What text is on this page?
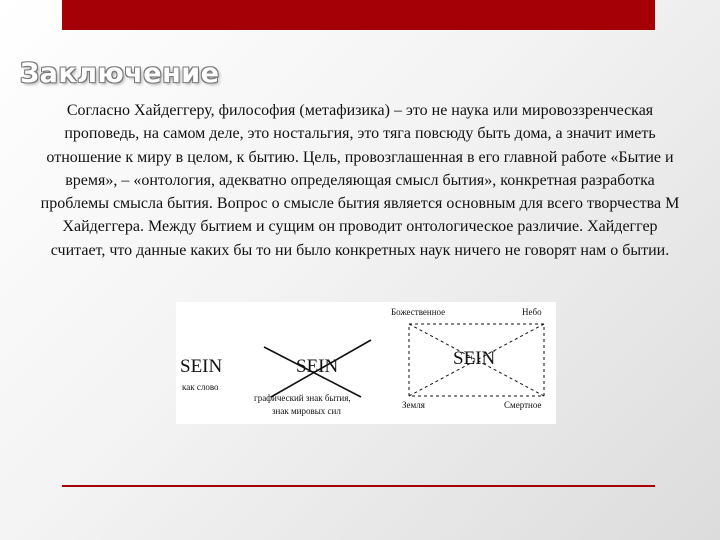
Заключение
Согласно Хайдеггеру, философия (метафизика) – это не наука или мировоззренческая
проповедь, на самом деле, это ностальгия, это тяга повсюду быть дома, а значит иметь
отношение к миру в целом, к бытию. Цель, провозглашенная в его главной работе «Бытие и
время», – «онтология, адекватно определяющая смысл бытия», конкретная разработка
проблемы смысла бытия. Вопрос о смысле бытия является основным для всего творчества М
Хайдеггера. Между бытием и сущим он проводит онтологическое различие. Хайдеггер
считает, что данные каких бы то ни было конкретных наук ничего не говорят нам о бытии.
SEIN
как слово
SEIN
графический знак бытия,
знак мировых сил
Божественное	Небо
SEIN
Земля	Смертное
